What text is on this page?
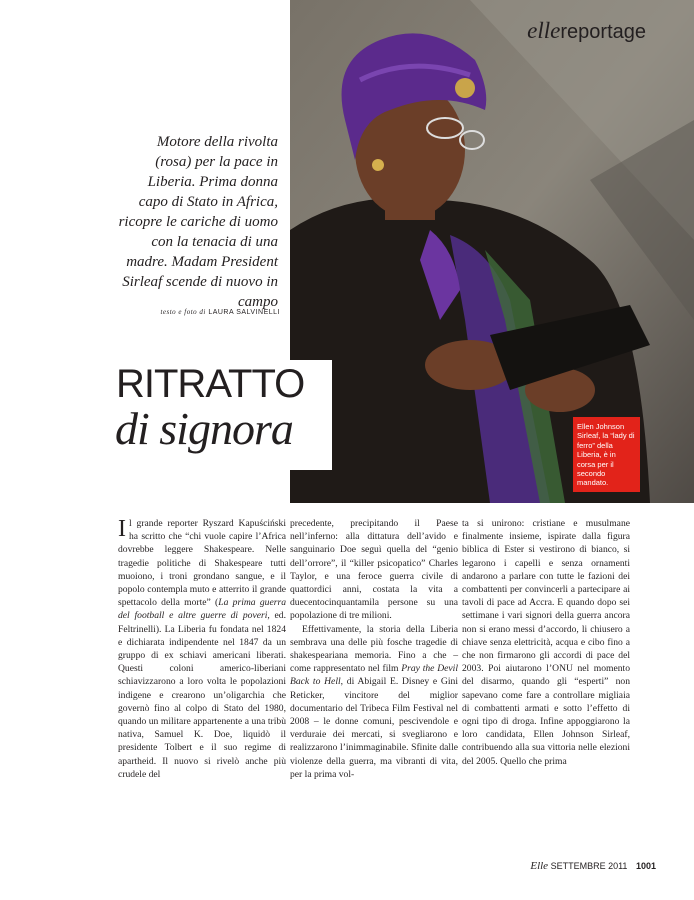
ellereportage
Motore della rivolta (rosa) per la pace in Liberia. Prima donna capo di Stato in Africa, ricopre le cariche di uomo con la tenacia di una madre. Madam President Sirleaf scende di nuovo in campo
testo e foto di LAURA SALVINELLI
RITRATTO
di signora	Ellen Johnson Sirleaf, la “lady di ferro” della Liberia, è in corsa per il secondo mandato.

Il grande reporter Ryszard Kapuściński ha scritto che “chi vuole capire l’Africa dovrebbe leggere Shakespeare. Nelle tragedie politiche di Shakespeare tutti muoiono, i troni grondano sangue, e il popolo contempla muto e atterrito il grande spettacolo della morte” (La prima guerra del football e altre guerre di poveri, ed. Feltrinelli). La Liberia fu fondata nel 1824 e dichiarata indipendente nel 1847 da un gruppo di ex schiavi americani liberati. Questi coloni americo-liberiani schiavizzarono a loro volta le popolazioni indigene e crearono un’oligarchia che governò fino al colpo di Stato del 1980, quando un militare appartenente a una tribù nativa, Samuel K. Doe, liquidò il presidente Tolbert e il suo regime di apartheid. Il nuovo si rivelò anche più crudele del

precedente, precipitando il Paese nell’inferno: alla dittatura dell’avido e sanguinario Doe seguì quella del “genio dell’orrore”, il “killer psicopatico” Charles Taylor, e una feroce guerra civile di quattordici anni, costata la vita a duecentocinquantamila persone su una popolazione di tre milioni.

Effettivamente, la storia della Liberia sembrava una delle più fosche tragedie di shakespeariana memoria. Fino a che – come rappresentato nel film Pray the Devil Back to Hell, di Abigail E. Disney e Gini Reticker, vincitore del miglior documentario del Tribeca Film Festival nel 2008 – le donne comuni, pescivendole e verduraie dei mercati, si svegliarono e realizzarono l’inimmaginabile. Sfinite dalle violenze della guerra, ma vibranti di vita, per la prima vol-

ta si unirono: cristiane e musulmane finalmente insieme, ispirate dalla figura biblica di Ester si vestirono di bianco, si legarono i capelli e senza ornamenti andarono a parlare con tutte le fazioni dei combattenti per convincerli a partecipare ai tavoli di pace ad Accra. E quando dopo sei settimane i vari signori della guerra ancora non si erano messi d’accordo, li chiusero a chiave senza elettricità, acqua e cibo fino a che non firmarono gli accordi di pace del 2003. Poi aiutarono l’ONU nel momento del disarmo, quando gli “esperti” non sapevano come fare a controllare migliaia di combattenti armati e sotto l’effetto di ogni tipo di droga. Infine appoggiarono la loro candidata, Ellen Johnson Sirleaf, contribuendo alla sua vittoria nelle elezioni del 2005. Quello che prima

Elle SETTEMBRE 2011 1001
